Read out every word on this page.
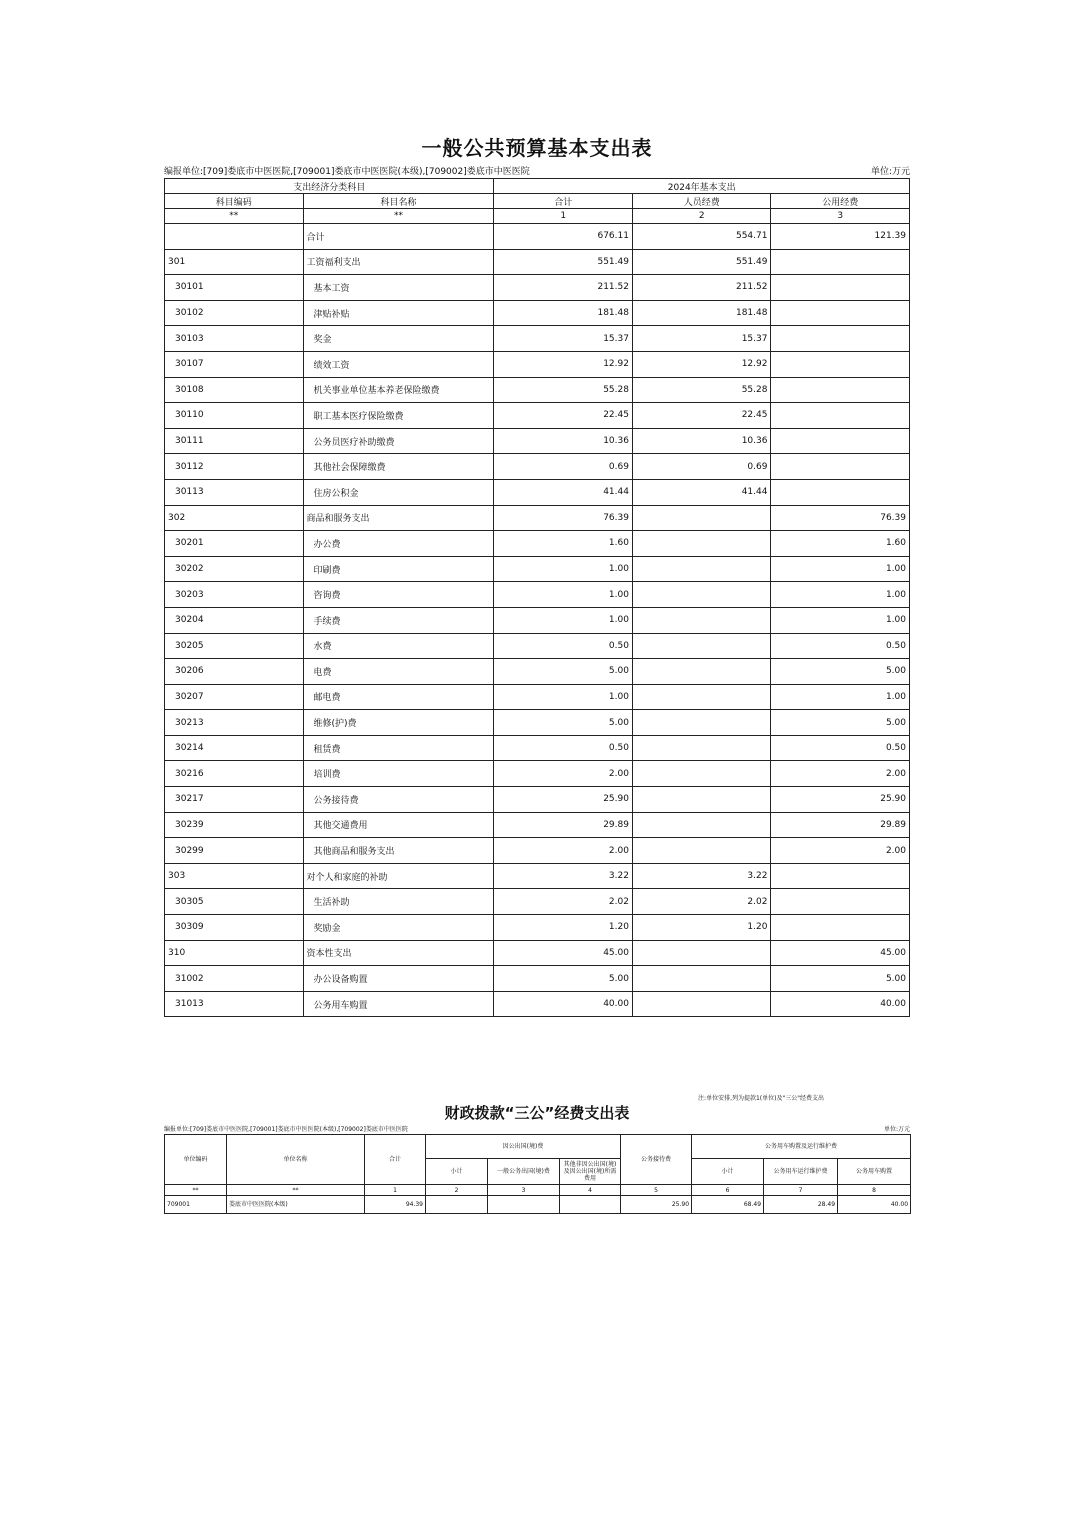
一般公共预算基本支出表
编报单位:[709]娄底市中医医院,[709001]娄底市中医医院(本级),[709002]娄底市中医医院	单位:万元
支出经济分类科目		2024年基本支出		
科目编码	科目名称	合计	人员经费	公用经费
**	**	1	2	3
	合计	676.11	554.71	121.39
301	工资福利支出	551.49	551.49	
30101	基本工资	211.52	211.52	
30102	津贴补贴	181.48	181.48	
30103	奖金	15.37	15.37	
30107	绩效工资	12.92	12.92	
30108	机关事业单位基本养老保险缴费	55.28	55.28	
30110	职工基本医疗保险缴费	22.45	22.45	
30111	公务员医疗补助缴费	10.36	10.36	
30112	其他社会保障缴费	0.69	0.69	
30113	住房公积金	41.44	41.44	
302	商品和服务支出	76.39		76.39
30201	办公费	1.60		1.60
30202	印刷费	1.00		1.00
30203	咨询费	1.00		1.00
30204	手续费	1.00		1.00
30205	水费	0.50		0.50
30206	电费	5.00		5.00
30207	邮电费	1.00		1.00
30213	维修(护)费	5.00		5.00
30214	租赁费	0.50		0.50
30216	培训费	2.00		2.00
30217	公务接待费	25.90		25.90
30239	其他交通费用	29.89		29.89
30299	其他商品和服务支出	2.00		2.00
303	对个人和家庭的补助	3.22	3.22	
30305	生活补助	2.02	2.02	
30309	奖励金	1.20	1.20	
310	资本性支出	45.00		45.00
31002	办公设备购置	5.00		5.00
31013	公务用车购置	40.00		40.00
注:单位安排,列为提款1(单位)及"三公"经费支出
财政拨款“三公”经费支出表
编报单位:[709]娄底市中医医院,[709001]娄底市中医医院(本级),[709002]娄底市中医医院	单位:万元
单位编码	单位名称	合计	因公出国(境)费			公务接待费	公务用车购置及运行维护费		
			小计	一般公务出国(境)费	其他非因公出国(境)及因公出国(境)所需费用		小计	公务用车运行维护费	公务用车购置
**	**	1	2	3	4	5	6	7	8
709001	娄底市中医医院(本级)	94.39				25.90	68.49	28.49	40.00
